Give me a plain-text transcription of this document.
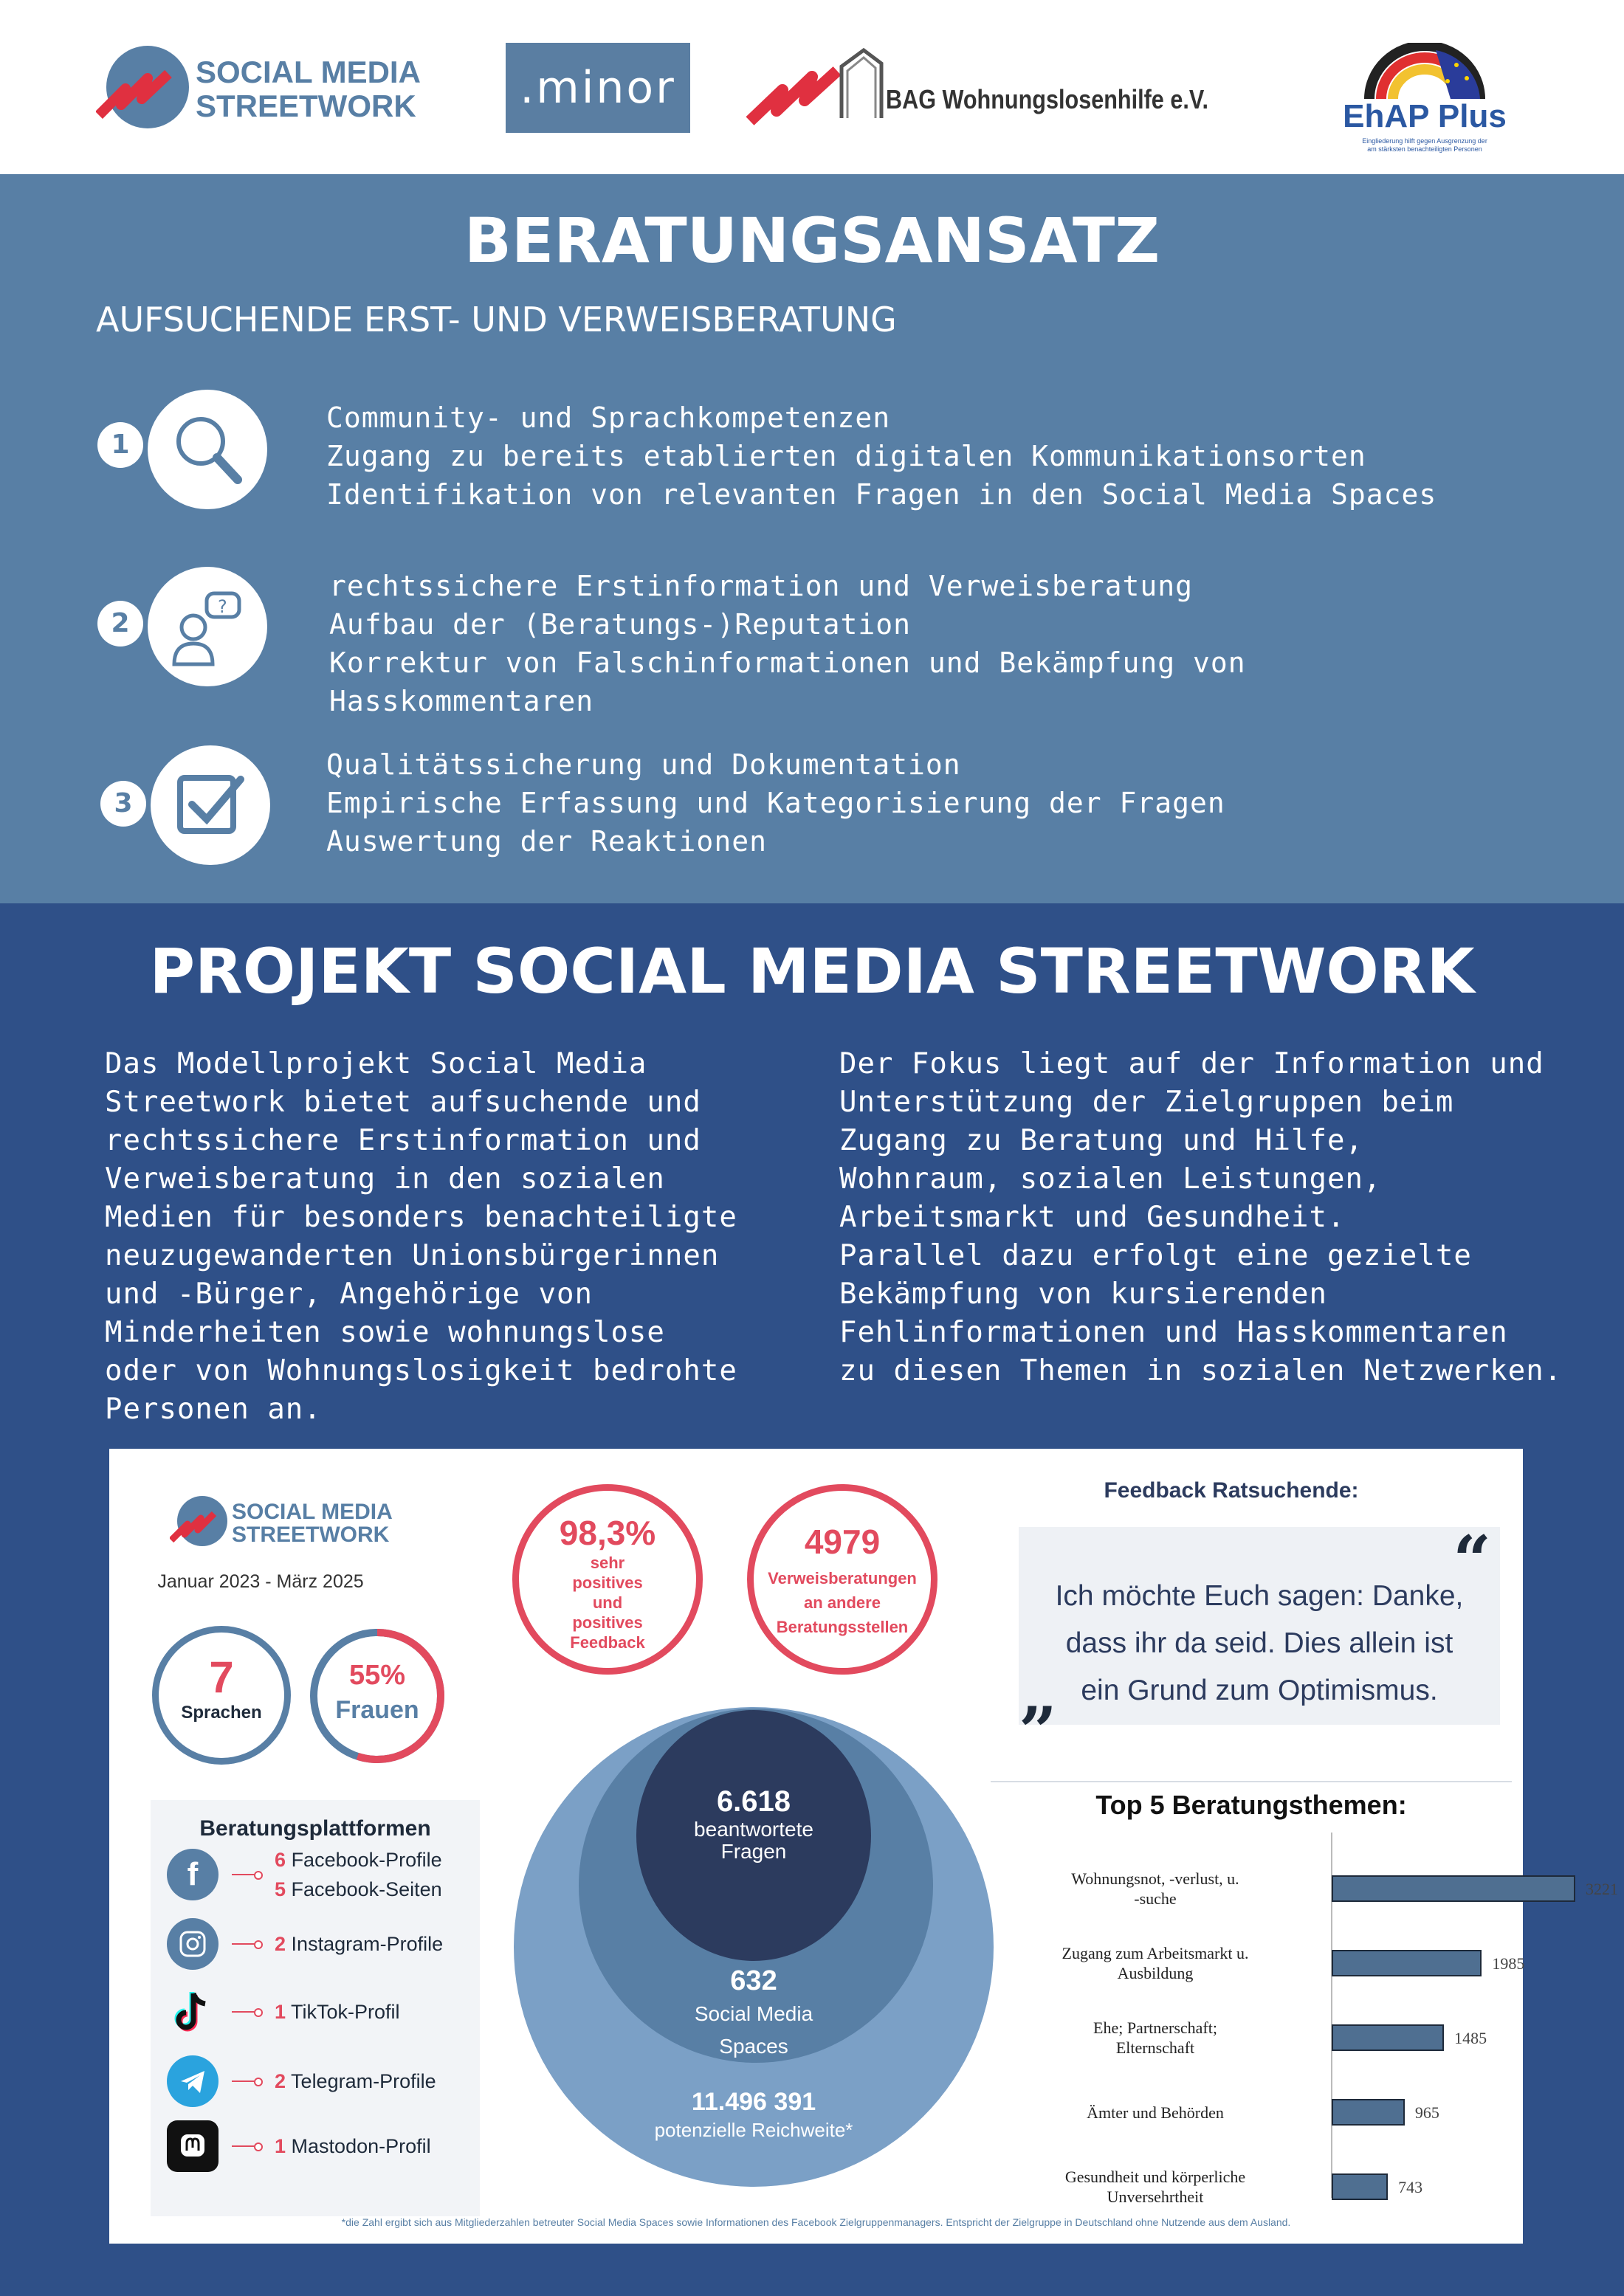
SOCIAL MEDIA
STREETWORK	.minor	BAG Wohnungslosenhilfe e.V.	EhAP Plus
Eingliederung hilft gegen Ausgrenzung der
am stärksten benachteiligten Personen
BERATUNGSANSATZ
AUFSUCHENDE ERST- UND VERWEISBERATUNG
1
Community- und Sprachkompetenzen
Zugang zu bereits etablierten digitalen Kommunikationsorten
Identifikation von relevanten Fragen in den Social Media Spaces
2
?
rechtssichere Erstinformation und Verweisberatung
Aufbau der (Beratungs-)Reputation
Korrektur von Falschinformationen und Bekämpfung von
Hasskommentaren
3
Qualitätssicherung und Dokumentation
Empirische Erfassung und Kategorisierung der Fragen
Auswertung der Reaktionen
PROJEKT SOCIAL MEDIA STREETWORK
Das Modellprojekt Social Media
Streetwork bietet aufsuchende und
rechtssichere Erstinformation und
Verweisberatung in den sozialen
Medien für besonders benachteiligte
neuzugewanderten Unionsbürgerinnen
und -Bürger, Angehörige von
Minderheiten sowie wohnungslose
oder von Wohnungslosigkeit bedrohte
Personen an.
Der Fokus liegt auf der Information und
Unterstützung der Zielgruppen beim
Zugang zu Beratung und Hilfe,
Wohnraum, sozialen Leistungen,
Arbeitsmarkt und Gesundheit.
Parallel dazu erfolgt eine gezielte
Bekämpfung von kursierenden
Fehlinformationen und Hasskommentaren
zu diesen Themen in sozialen Netzwerken.
SOCIAL MEDIA
STREETWORK
Januar 2023 - März 2025
7
Sprachen
55%
Frauen
98,3%
sehr
positives
und
positives
Feedback
4979
Verweisberatungen
an andere
Beratungsstellen
Beratungsplattformen
f	6 Facebook-Profile
5 Facebook-Seiten
2 Instagram-Profile
1 TikTok-Profil
2 Telegram-Profile
1 Mastodon-Profil
6.618
beantwortete
Fragen
632
Social Media
Spaces
11.496 391
potenzielle Reichweite*
Feedback Ratsuchende:
“
Ich möchte Euch sagen: Danke,
dass ihr da seid. Dies allein ist
ein Grund zum Optimismus.
”
Top 5 Beratungsthemen:
Wohnungsnot, -verlust, u.
-suche
3221
Zugang zum Arbeitsmarkt u.
Ausbildung
1985
Ehe; Partnerschaft;
Elternschaft
1485
Ämter und Behörden	965
Gesundheit und körperliche
Unversehrtheit
743
*die Zahl ergibt sich aus Mitgliederzahlen betreuter Social Media Spaces sowie Informationen des Facebook Zielgruppenmanagers. Entspricht der Zielgruppe in Deutschland ohne Nutzende aus dem Ausland.
